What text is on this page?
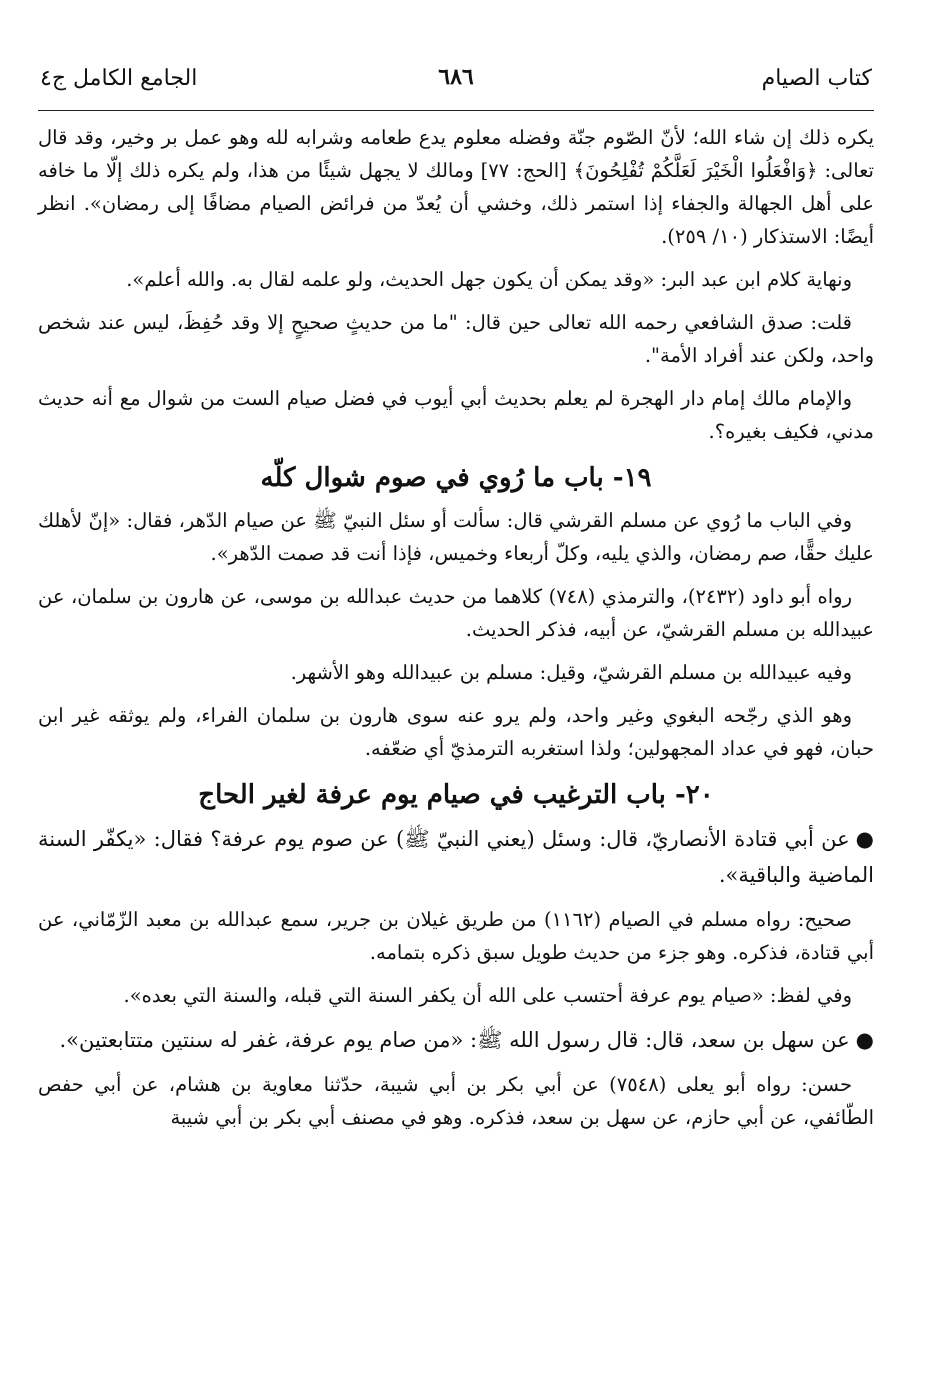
كتاب الصيام
٦٨٦
الجامع الكامل ج٤

يكره ذلك إن شاء الله؛ لأنّ الصّوم جنّة وفضله معلوم يدع طعامه وشرابه لله وهو عمل بر وخير، وقد قال تعالى: ﴿وَافْعَلُوا الْخَيْرَ لَعَلَّكُمْ تُفْلِحُونَ﴾ [الحج: ٧٧] ومالك لا يجهل شيئًا من هذا، ولم يكره ذلك إلّا ما خافه على أهل الجهالة والجفاء إذا استمر ذلك، وخشي أن يُعدّ من فرائض الصيام مضافًا إلى رمضان». انظر أيضًا: الاستذكار (١٠/ ٢٥٩).

ونهاية كلام ابن عبد البر: «وقد يمكن أن يكون جهل الحديث، ولو علمه لقال به. والله أعلم».

قلت: صدق الشافعي رحمه الله تعالى حين قال: "ما من حديثٍ صحيحٍ إلا وقد حُفِظَ، ليس عند شخص واحد، ولكن عند أفراد الأمة".

والإمام مالك إمام دار الهجرة لم يعلم بحديث أبي أيوب في فضل صيام الست من شوال مع أنه حديث مدني، فكيف بغيره؟.

١٩- باب ما رُوي في صوم شوال كلّه

وفي الباب ما رُوي عن مسلم القرشي قال: سألت أو سئل النبيّ ﷺ عن صيام الدّهر، فقال: «إنّ لأهلك عليك حقًّا، صم رمضان، والذي يليه، وكلّ أربعاء وخميس، فإذا أنت قد صمت الدّهر».

رواه أبو داود (٢٤٣٢)، والترمذي (٧٤٨) كلاهما من حديث عبدالله بن موسى، عن هارون بن سلمان، عن عبيدالله بن مسلم القرشيّ، عن أبيه، فذكر الحديث.

وفيه عبيدالله بن مسلم القرشيّ، وقيل: مسلم بن عبيدالله وهو الأشهر.

وهو الذي رجّحه البغوي وغير واحد، ولم يرو عنه سوى هارون بن سلمان الفراء، ولم يوثقه غير ابن حبان، فهو في عداد المجهولين؛ ولذا استغربه الترمذيّ أي ضعّفه.

٢٠- باب الترغيب في صيام يوم عرفة لغير الحاج

●عن أبي قتادة الأنصاريّ، قال: وسئل (يعني النبيّ ﷺ) عن صوم يوم عرفة؟ فقال: «يكفّر السنة الماضية والباقية».

صحيح: رواه مسلم في الصيام (١١٦٢) من طريق غيلان بن جرير، سمع عبدالله بن معبد الزّمّاني، عن أبي قتادة، فذكره. وهو جزء من حديث طويل سبق ذكره بتمامه.

وفي لفظ: «صيام يوم عرفة أحتسب على الله أن يكفر السنة التي قبله، والسنة التي بعده».

●عن سهل بن سعد، قال: قال رسول الله ﷺ: «من صام يوم عرفة، غفر له سنتين متتابعتين».

حسن: رواه أبو يعلى (٧٥٤٨) عن أبي بكر بن أبي شيبة، حدّثنا معاوية بن هشام، عن أبي حفص الطّائفي، عن أبي حازم، عن سهل بن سعد، فذكره. وهو في مصنف أبي بكر بن أبي شيبة
